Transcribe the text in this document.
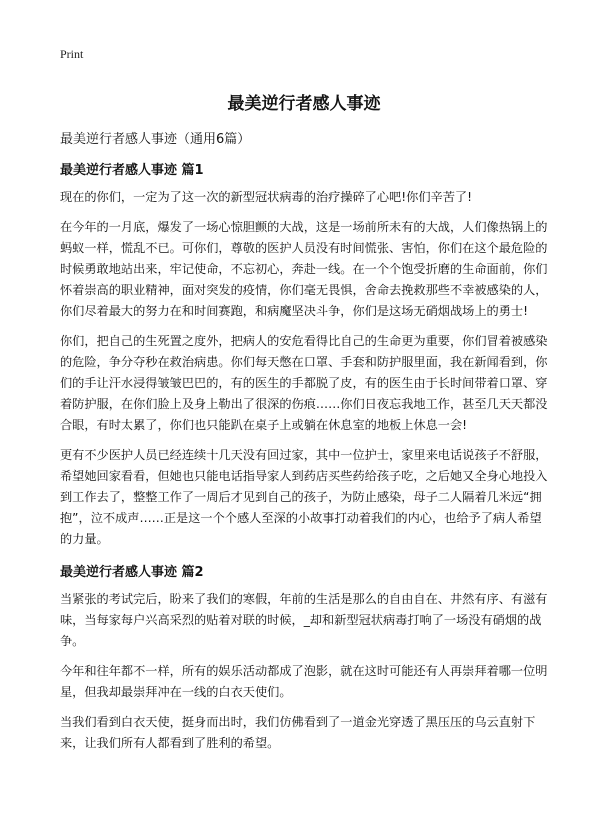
Print

最美逆行者感人事迹

最美逆行者感人事迹（通用6篇）

最美逆行者感人事迹 篇1

现在的你们，一定为了这一次的新型冠状病毒的治疗操碎了心吧!你们辛苦了!

在今年的一月底，爆发了一场心惊胆颤的大战，这是一场前所未有的大战，人们像热锅上的蚂蚁一样，慌乱不已。可你们，尊敬的医护人员没有时间慌张、害怕，你们在这个最危险的时候勇敢地站出来，牢记使命，不忘初心，奔赴一线。在一个个饱受折磨的生命面前，你们怀着崇高的职业精神，面对突发的疫情，你们毫无畏惧，舍命去挽救那些不幸被感染的人，你们尽着最大的努力在和时间赛跑，和病魔坚决斗争，你们是这场无硝烟战场上的勇士!

你们，把自己的生死置之度外，把病人的安危看得比自己的生命更为重要，你们冒着被感染的危险，争分夺秒在救治病患。你们每天憋在口罩、手套和防护服里面，我在新闻看到，你们的手让汗水浸得皱皱巴巴的，有的医生的手都脱了皮，有的医生由于长时间带着口罩、穿着防护服，在你们脸上及身上勒出了很深的伤痕……你们日夜忘我地工作，甚至几天天都没合眼，有时太累了，你们也只能趴在桌子上或躺在休息室的地板上休息一会!

更有不少医护人员已经连续十几天没有回过家，其中一位护士，家里来电话说孩子不舒服，希望她回家看看，但她也只能电话指导家人到药店买些药给孩子吃，之后她又全身心地投入到工作去了，整整工作了一周后才见到自己的孩子，为防止感染，母子二人隔着几米远“拥抱”，泣不成声……正是这一个个感人至深的小故事打动着我们的内心，也给予了病人希望的力量。

最美逆行者感人事迹 篇2

当紧张的考试完后，盼来了我们的寒假，年前的生活是那么的自由自在、井然有序、有滋有味，当每家每户兴高采烈的贴着对联的时候，_却和新型冠状病毒打响了一场没有硝烟的战争。

今年和往年都不一样，所有的娱乐活动都成了泡影，就在这时可能还有人再崇拜着哪一位明星，但我却最崇拜冲在一线的白衣天使们。

当我们看到白衣天使，挺身而出时，我们仿佛看到了一道金光穿透了黑压压的乌云直射下来，让我们所有人都看到了胜利的希望。
